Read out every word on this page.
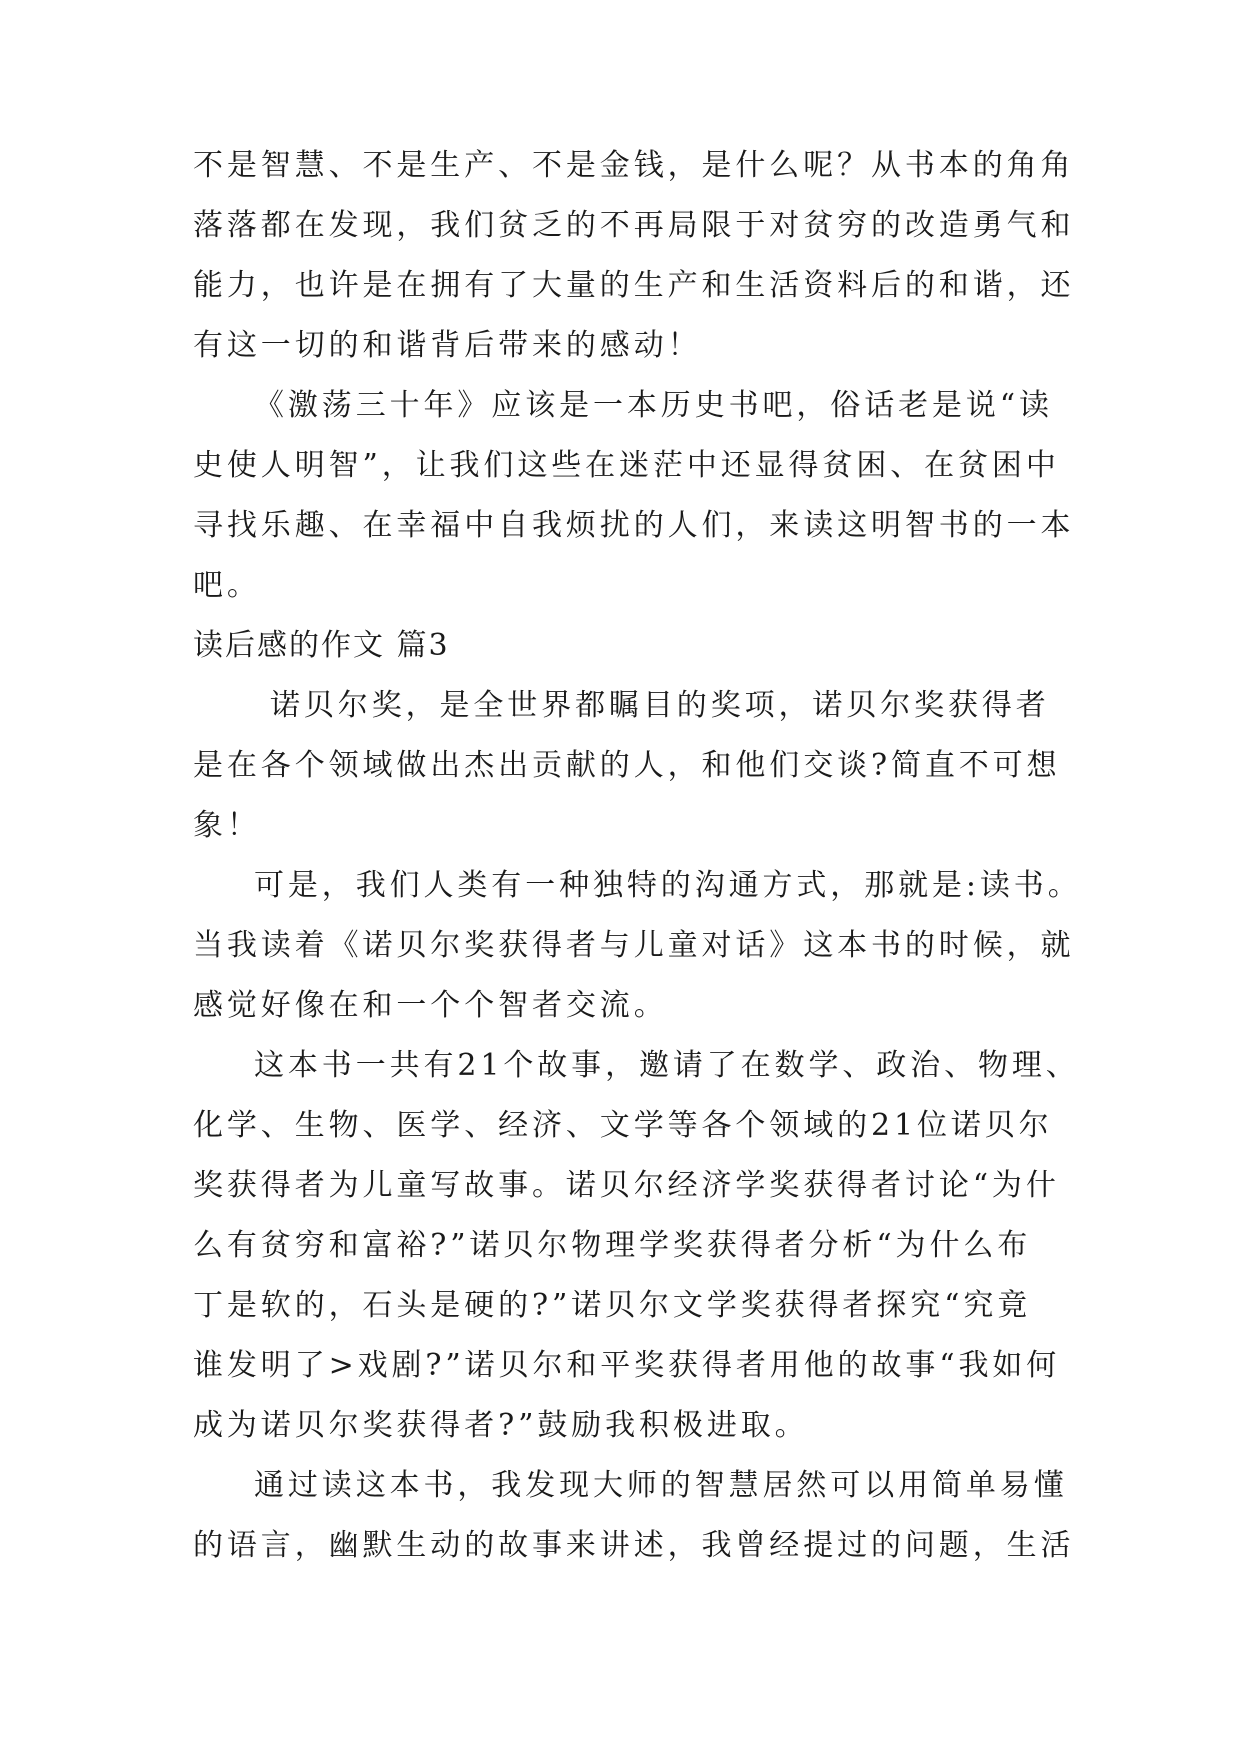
不是智慧、不是生产、不是金钱，是什么呢？从书本的角角
落落都在发现，我们贫乏的不再局限于对贫穷的改造勇气和
能力，也许是在拥有了大量的生产和生活资料后的和谐，还
有这一切的和谐背后带来的感动！
《激荡三十年》应该是一本历史书吧，俗话老是说“读
史使人明智”，让我们这些在迷茫中还显得贫困、在贫困中
寻找乐趣、在幸福中自我烦扰的人们，来读这明智书的一本
吧。
读后感的作文 篇3
诺贝尔奖，是全世界都瞩目的奖项，诺贝尔奖获得者
是在各个领域做出杰出贡献的人，和他们交谈?简直不可想
象！
可是，我们人类有一种独特的沟通方式，那就是:读书。
当我读着《诺贝尔奖获得者与儿童对话》这本书的时候，就
感觉好像在和一个个智者交流。
这本书一共有21个故事，邀请了在数学、政治、物理、
化学、生物、医学、经济、文学等各个领域的21位诺贝尔
奖获得者为儿童写故事。诺贝尔经济学奖获得者讨论“为什
么有贫穷和富裕?”诺贝尔物理学奖获得者分析“为什么布
丁是软的，石头是硬的?”诺贝尔文学奖获得者探究“究竟
谁发明了>戏剧?”诺贝尔和平奖获得者用他的故事“我如何
成为诺贝尔奖获得者?”鼓励我积极进取。
通过读这本书，我发现大师的智慧居然可以用简单易懂
的语言，幽默生动的故事来讲述，我曾经提过的问题，生活
